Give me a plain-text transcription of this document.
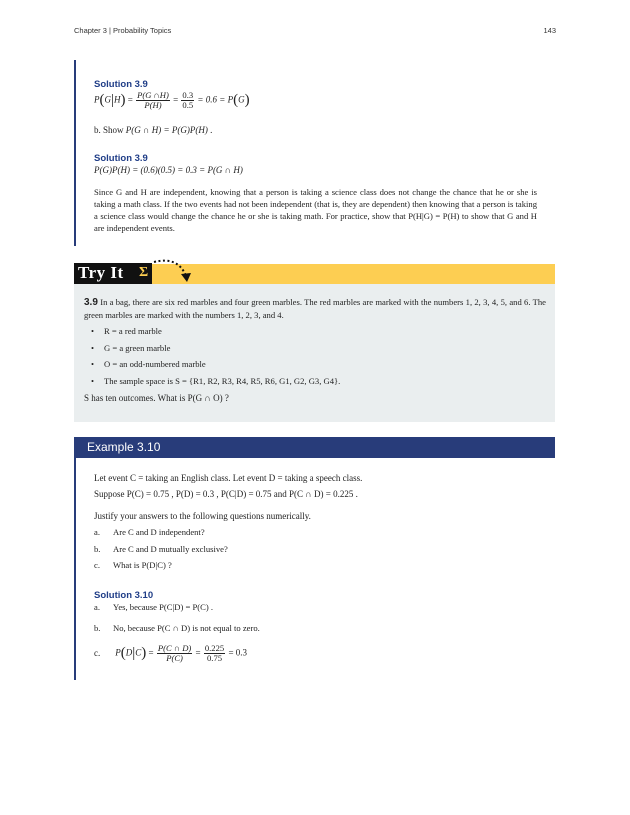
Chapter 3 | Probability Topics	143
Solution 3.9
$P(G|H) = \frac{P(G \cap H)}{P(H)} = \frac{0.3}{0.5} = 0.6 = P(G)$
b. Show P(G ∩ H) = P(G)P(H) .
Solution 3.9
P(G)P(H) = (0.6)(0.5) = 0.3 = P(G ∩ H)
Since G and H are independent, knowing that a person is taking a science class does not change the chance that he or she is taking a math class. If the two events had not been independent (that is, they are dependent) then knowing that a person is taking a science class would change the chance he or she is taking math. For practice, show that P(H|G) = P(H) to show that G and H are independent events.
Try It Σ
3.9 In a bag, there are six red marbles and four green marbles. The red marbles are marked with the numbers 1, 2, 3, 4, 5, and 6. The green marbles are marked with the numbers 1, 2, 3, and 4.
• R = a red marble
• G = a green marble
• O = an odd-numbered marble
• The sample space is S = {R1, R2, R3, R4, R5, R6, G1, G2, G3, G4}.
S has ten outcomes. What is P(G ∩ O) ?
Example 3.10
Let event C = taking an English class. Let event D = taking a speech class.
Suppose P(C) = 0.75 , P(D) = 0.3 , P(C|D) = 0.75 and P(C ∩ D) = 0.225 .
Justify your answers to the following questions numerically.
a. Are C and D independent?
b. Are C and D mutually exclusive?
c. What is P(D|C) ?
Solution 3.10
a. Yes, because P(C|D) = P(C) .
b. No, because P(C ∩ D) is not equal to zero.
c. $P(D|C) = \frac{P(C \cap D)}{P(C)} = \frac{0.225}{0.75} = 0.3$
